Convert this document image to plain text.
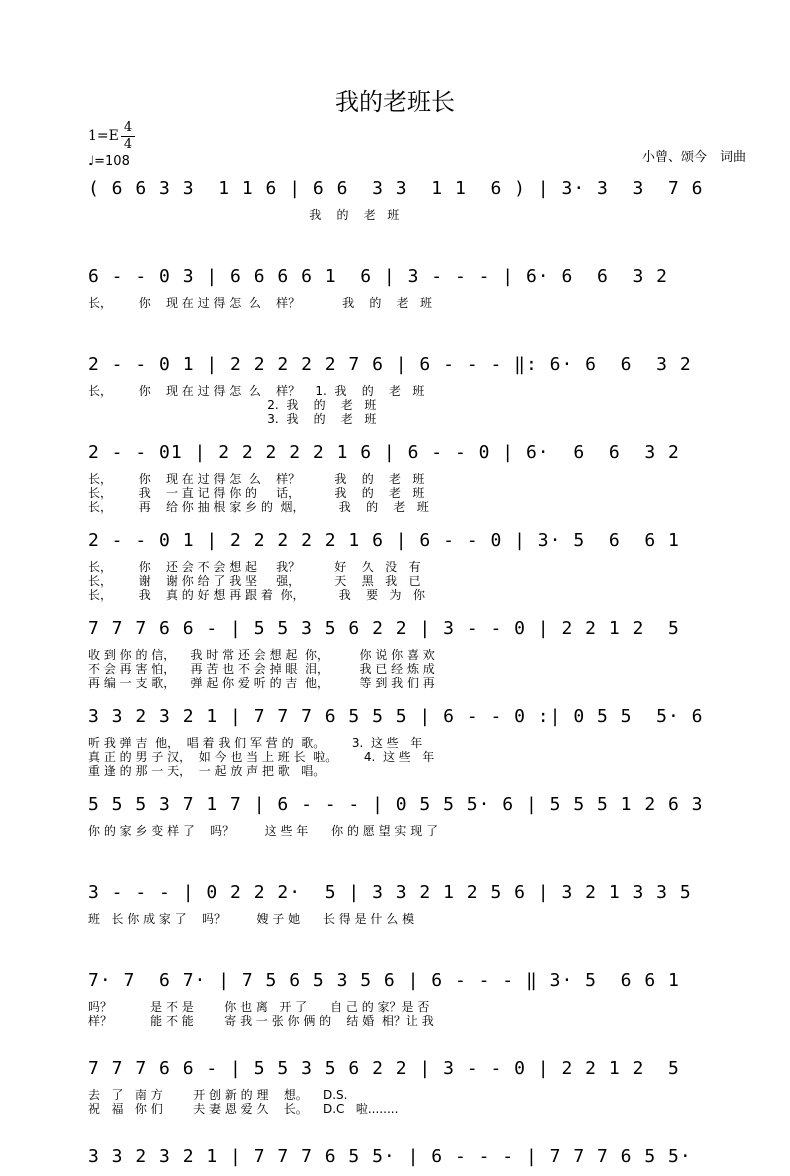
我的老班长
$1=E \frac{4}{4}$
♩=108	小曾、颂今　词曲
( 6 6 3 3  1 1 6 | 6 6  3 3  1 1  6 ) | 3· 3  3  7 6
我    的    老   班
6 - - 0 3 | 6 6 6 6 1  6 | 3 - - - | 6· 6  6  3 2
长，       你    现 在 过 得 怎  么    样？           我    的    老   班
2 - - 0 1 | 2 2 2 2 2 7 6 | 6 - - - ‖: 6· 6  6  3 2
长，       你    现 在 过 得 怎  么    样？    1.  我    的    老   班
2.  我    的    老   班
3.  我    的    老   班
2 - - 01 | 2 2 2 2 2 1 6 | 6 - - 0 | 6·  6  6  3 2
长，       你    现 在 过 得 怎  么    样？         我    的    老   班
长，       我    一 直 记 得 你 的     话，         我    的    老   班
长，       再    给 你 抽 根 家 乡 的  烟，         我    的    老   班
2 - - 0 1 | 2 2 2 2 2 1 6 | 6 - - 0 | 3· 5  6  6 1
长，       你    还 会 不 会 想 起     我？         好    久   没   有
长，       谢    谢 你 给 了 我 坚     强，         天    黑   我   已
长，       我    真 的 好 想 再 跟 着  你，         我    要   为   你
7 7 7 6 6 - | 5 5 3 5 6 2 2 | 3 - - 0 | 2 2 1 2  5
收 到 你 的 信，    我 时 常 还 会 想 起  你，        你 说 你 喜 欢
不 会 再 害 怕，    再 苦 也 不 会 掉 眼  泪，        我 已 经 炼 成
再 编 一 支 歌，    弹 起 你 爱 听 的 吉  他，        等 到 我 们 再
3 3 2 3 2 1 | 7 7 7 6 5 5 5 | 6 - - 0 :| 0 5 5  5· 6
听 我 弹 吉  他，  唱 着 我 们 军 营 的  歌。       3.  这 些   年
真 正 的 男 子 汉，  如 今 也 当 上 班 长  啦。       4.  这 些   年
重 逢 的 那 一 天，  一 起 放 声 把 歌   唱。
5 5 5 3 7 1 7 | 6 - - - | 0 5 5 5· 6 | 5 5 5 1 2 6 3
你 的 家 乡 变 样 了    吗？        这 些 年      你 的 愿 望 实 现 了
3 - - - | 0 2 2 2·  5 | 3 3 2 1 2 5 6 | 3 2 1 3 3 5
班   长 你 成 家 了    吗？        嫂 子 她      长 得 是 什 么 模
7· 7  6 7· | 7 5 6 5 3 5 6 | 6 - - - ‖ 3· 5  6 6 1
吗？          是 不 是        你 也 离   开 了      自 己 的 家？是 否
样？          能 不 能        寄 我 一 张 你 俩 的    结 婚  相？让 我
7 7 7 6 6 - | 5 5 3 5 6 2 2 | 3 - - 0 | 2 2 1 2  5
去   了   南 方        开 创 新 的 理    想。    D.S.
祝   福   你 们        夫 妻 恩 爱 久    长。    D.C   啦........
3 3 2 3 2 1 | 7 7 7 6 5 5· | 6 - - - | 7 7 7 6 5 5·
